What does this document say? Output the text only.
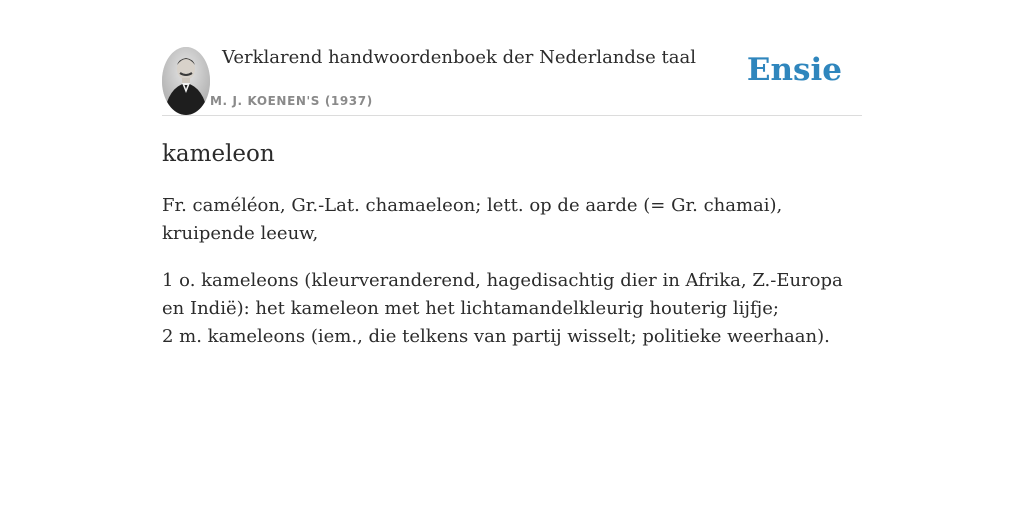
Verklarend handwoordenboek der Nederlandse taal
M. J. KOENEN'S (1937)
Ensie
kameleon

Fr. caméléon, Gr.-Lat. chamaeleon; lett. op de aarde (= Gr. chamai), kruipende leeuw,

1 o. kameleons (kleurveranderend, hagedisachtig dier in Afrika, Z.-Europa en Indië): het kameleon met het lichtamandelkleurig houterig lijfje;
2 m. kameleons (iem., die telkens van partij wisselt; politieke weerhaan).
